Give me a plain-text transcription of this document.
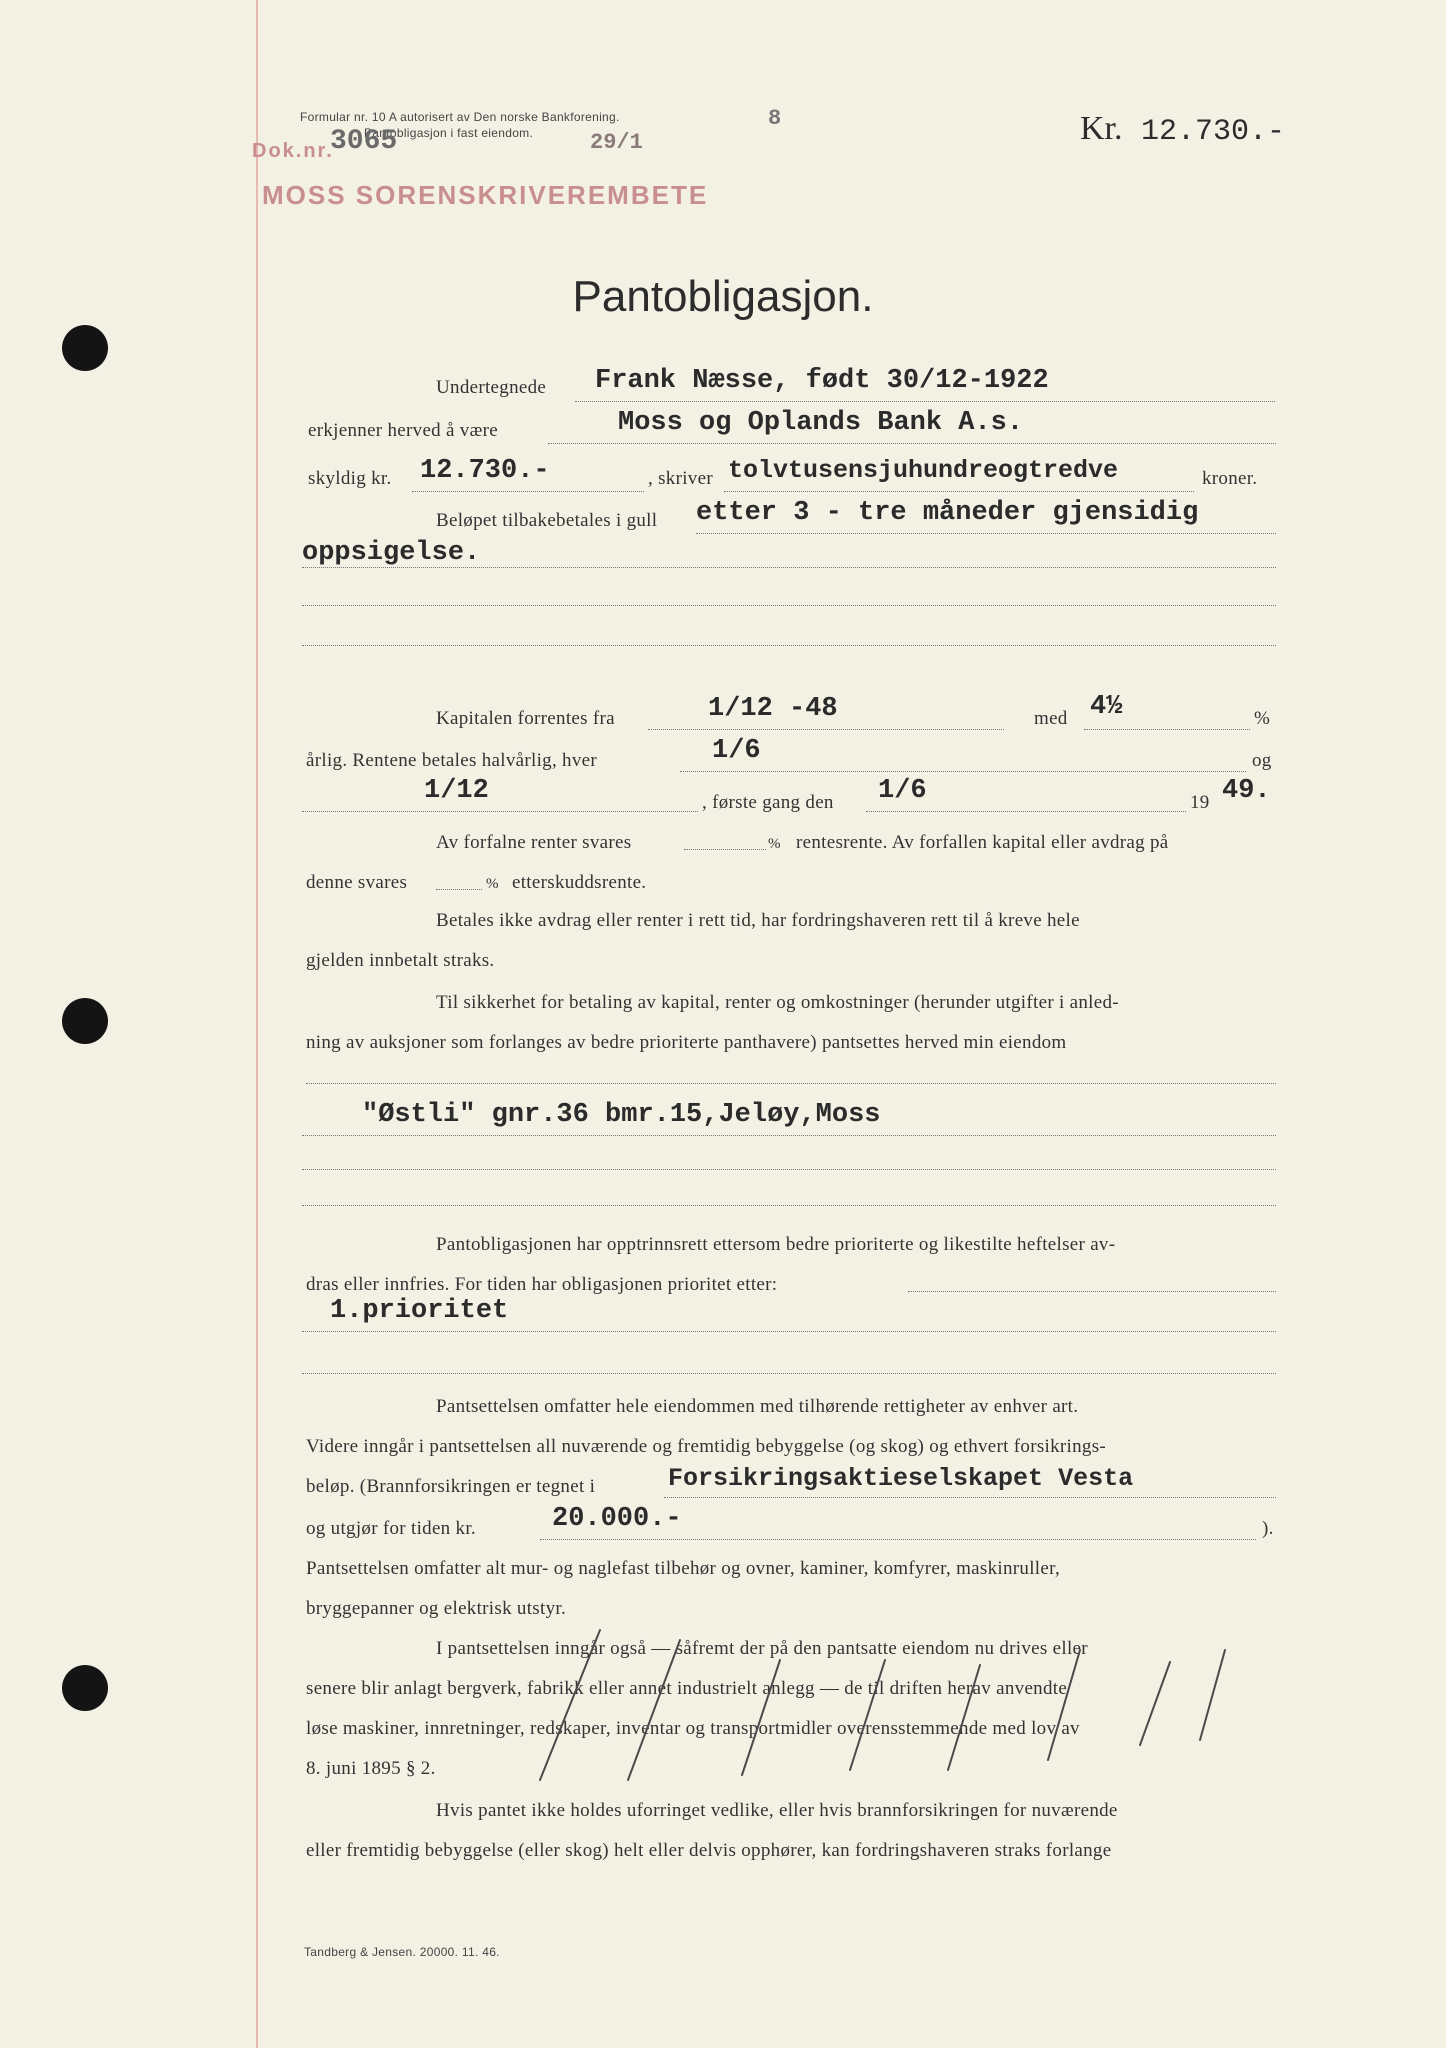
Formular nr. 10 A autorisert av Den norske Bankforening.
Pantobligasjon i fast eiendom.
Dok.nr.
3065	29/1
8
MOSS SORENSKRIVEREMBETE
Kr. 12.730.-
Pantobligasjon.
Undertegnede Frank Næsse, født 30/12-1922
erkjenner herved å være	Moss og Oplands Bank A.s.
skyldig kr. 12.730.-	, skriver tolvtusensjuhundreogtredve	kroner.
Beløpet tilbakebetales i gull etter 3 - tre måneder gjensidig
oppsigelse.
Kapitalen forrentes fra	1/12 -48	med 4½	%
årlig. Rentene betales halvårlig, hver	1/6	og
1/12	, første gang den 1/6	19 49.
Av forfalne renter svares	% rentesrente. Av forfallen kapital eller avdrag på
denne svares	% etterskuddsrente.
Betales ikke avdrag eller renter i rett tid, har fordringshaveren rett til å kreve hele
gjelden innbetalt straks.
Til sikkerhet for betaling av kapital, renter og omkostninger (herunder utgifter i anled-
ning av auksjoner som forlanges av bedre prioriterte panthavere) pantsettes herved min eiendom
"Østli" gnr.36 bmr.15,Jeløy,Moss
Pantobligasjonen har opptrinnsrett ettersom bedre prioriterte og likestilte heftelser av-
dras eller innfries. For tiden har obligasjonen prioritet etter:
1.prioritet
Pantsettelsen omfatter hele eiendommen med tilhørende rettigheter av enhver art.
Videre inngår i pantsettelsen all nuværende og fremtidig bebyggelse (og skog) og ethvert forsikrings-
beløp. (Brannforsikringen er tegnet i	Forsikringsaktieselskapet Vesta
og utgjør for tiden kr.	20.000.-	).
Pantsettelsen omfatter alt mur- og naglefast tilbehør og ovner, kaminer, komfyrer, maskinruller,
bryggepanner og elektrisk utstyr.
I pantsettelsen inngår også — såfremt der på den pantsatte eiendom nu drives eller
senere blir anlagt bergverk, fabrikk eller annet industrielt anlegg — de til driften herav anvendte
løse maskiner, innretninger, redskaper, inventar og transportmidler overensstemmende med lov av
8. juni 1895 § 2.
Hvis pantet ikke holdes uforringet vedlike, eller hvis brannforsikringen for nuværende
eller fremtidig bebyggelse (eller skog) helt eller delvis opphører, kan fordringshaveren straks forlange
Tandberg & Jensen. 20000. 11. 46.
